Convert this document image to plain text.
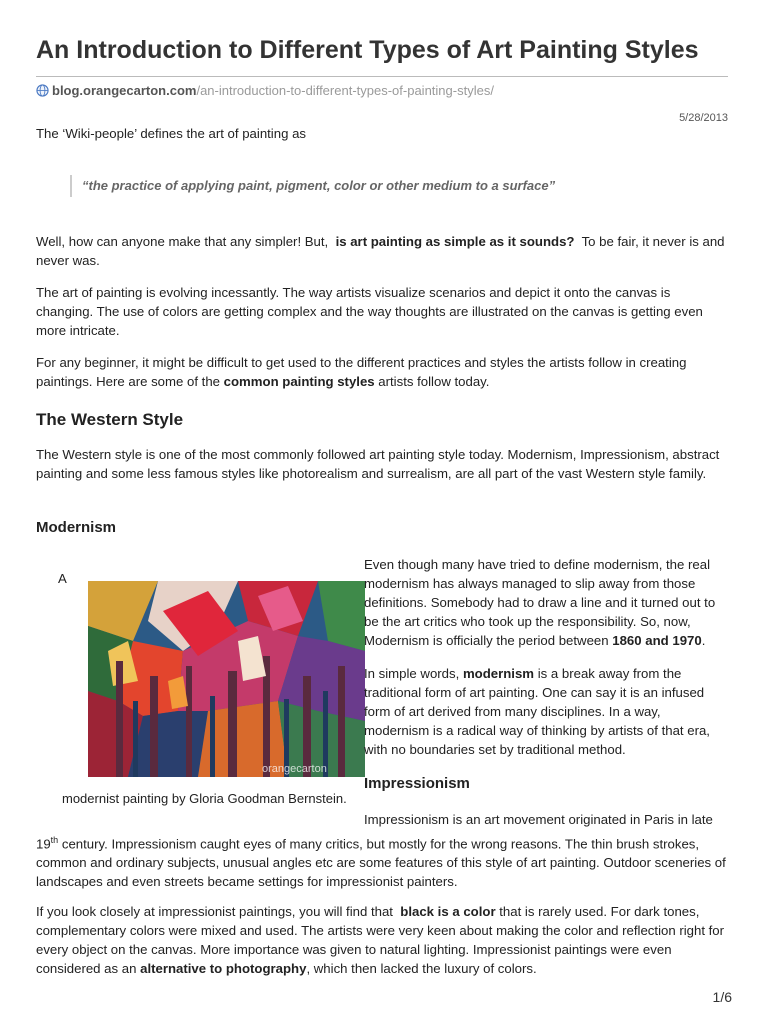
An Introduction to Different Types of Art Painting Styles
blog.orangecarton.com/an-introduction-to-different-types-of-painting-styles/
5/28/2013

The ‘Wiki-people’ defines the art of painting as

“the practice of applying paint, pigment, color or other medium to a surface”

Well, how can anyone make that any simpler! But, is art painting as simple as it sounds? To be fair, it never is and never was.

The art of painting is evolving incessantly. The way artists visualize scenarios and depict it onto the canvas is changing. The use of colors are getting complex and the way thoughts are illustrated on the canvas is getting even more intricate.

For any beginner, it might be difficult to get used to the different practices and styles the artists follow in creating paintings. Here are some of the common painting styles artists follow today.

The Western Style

The Western style is one of the most commonly followed art painting style today. Modernism, Impressionism, abstract painting and some less famous styles like photorealism and surrealism, are all part of the vast Western style family.

Modernism
A
orangecarton
modernist painting by Gloria Goodman Bernstein.

Even though many have tried to define modernism, the real modernism has always managed to slip away from those definitions. Somebody had to draw a line and it turned out to be the art critics who took up the responsibility. So, now, Modernism is officially the period between 1860 and 1970.

In simple words, modernism is a break away from the traditional form of art painting. One can say it is an infused form of art derived from many disciplines. In a way, modernism is a radical way of thinking by artists of that era, with no boundaries set by traditional method.

Impressionism

Impressionism is an art movement originated in Paris in late

19th century. Impressionism caught eyes of many critics, but mostly for the wrong reasons. The thin brush strokes, common and ordinary subjects, unusual angles etc are some features of this style of art painting. Outdoor sceneries of landscapes and even streets became settings for impressionist painters.

If you look closely at impressionist paintings, you will find that black is a color that is rarely used. For dark tones, complementary colors were mixed and used. The artists were very keen about making the color and reflection right for every object on the canvas. More importance was given to natural lighting. Impressionist paintings were even considered as an alternative to photography, which then lacked the luxury of colors.

1/6
